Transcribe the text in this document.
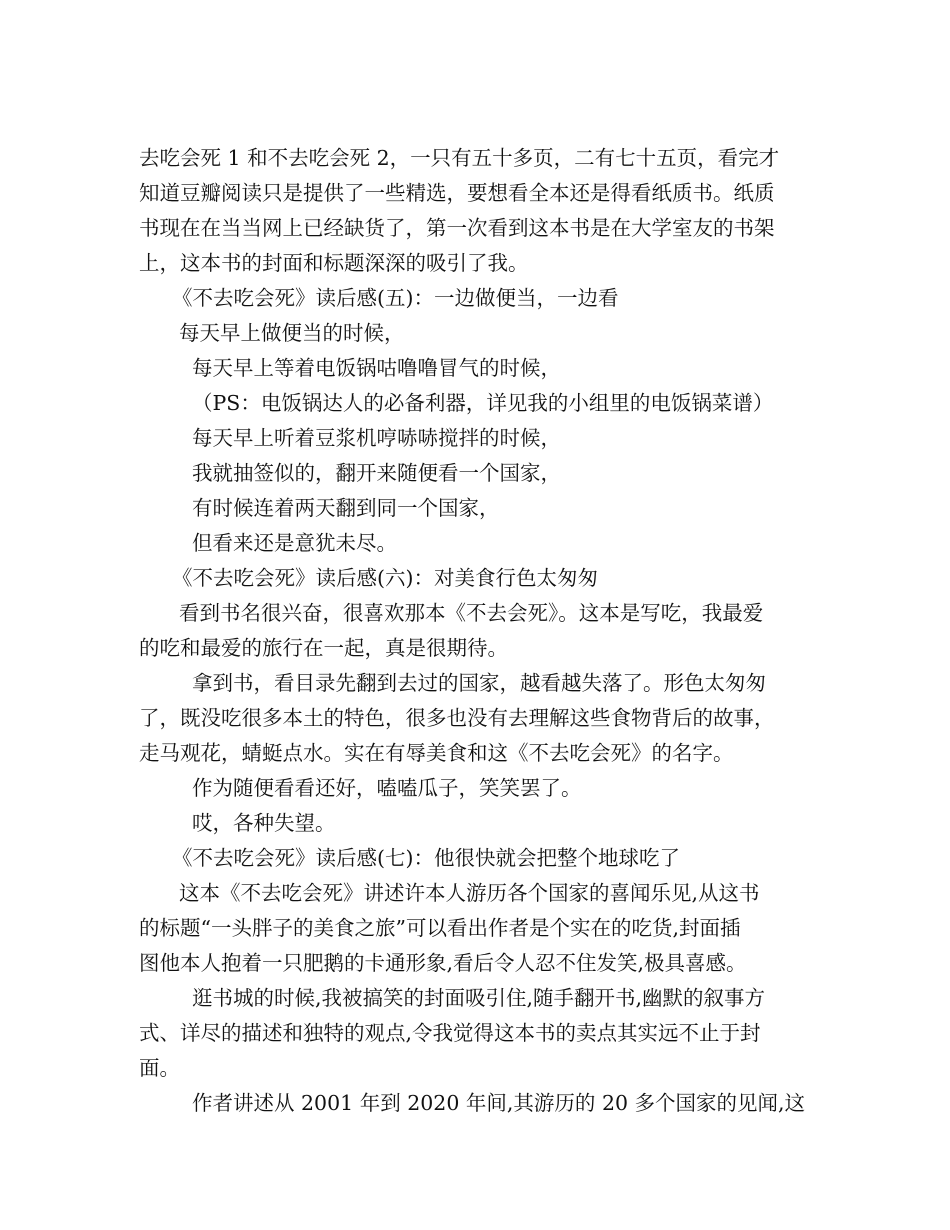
去吃会死 1 和不去吃会死 2，一只有五十多页，二有七十五页，看完才
知道豆瓣阅读只是提供了一些精选，要想看全本还是得看纸质书。纸质
书现在在当当网上已经缺货了，第一次看到这本书是在大学室友的书架
上，这本书的封面和标题深深的吸引了我。
《不去吃会死》读后感(五)：一边做便当，一边看
每天早上做便当的时候，
每天早上等着电饭锅咕噜噜冒气的时候，
（PS：电饭锅达人的必备利器，详见我的小组里的电饭锅菜谱）
每天早上听着豆浆机哼哧哧搅拌的时候，
我就抽签似的，翻开来随便看一个国家，
有时候连着两天翻到同一个国家，
但看来还是意犹未尽。
《不去吃会死》读后感(六)：对美食行色太匆匆
看到书名很兴奋，很喜欢那本《不去会死》。这本是写吃，我最爱
的吃和最爱的旅行在一起，真是很期待。
拿到书，看目录先翻到去过的国家，越看越失落了。形色太匆匆
了，既没吃很多本土的特色，很多也没有去理解这些食物背后的故事，
走马观花，蜻蜓点水。实在有辱美食和这《不去吃会死》的名字。
作为随便看看还好，嗑嗑瓜子，笑笑罢了。
哎，各种失望。
《不去吃会死》读后感(七)：他很快就会把整个地球吃了
这本《不去吃会死》讲述许本人游历各个国家的喜闻乐见,从这书
的标题“一头胖子的美食之旅”可以看出作者是个实在的吃货,封面插
图他本人抱着一只肥鹅的卡通形象,看后令人忍不住发笑,极具喜感。
逛书城的时候,我被搞笑的封面吸引住,随手翻开书,幽默的叙事方
式、详尽的描述和独特的观点,令我觉得这本书的卖点其实远不止于封
面。
作者讲述从 2001 年到 2020 年间,其游历的 20 多个国家的见闻,这
